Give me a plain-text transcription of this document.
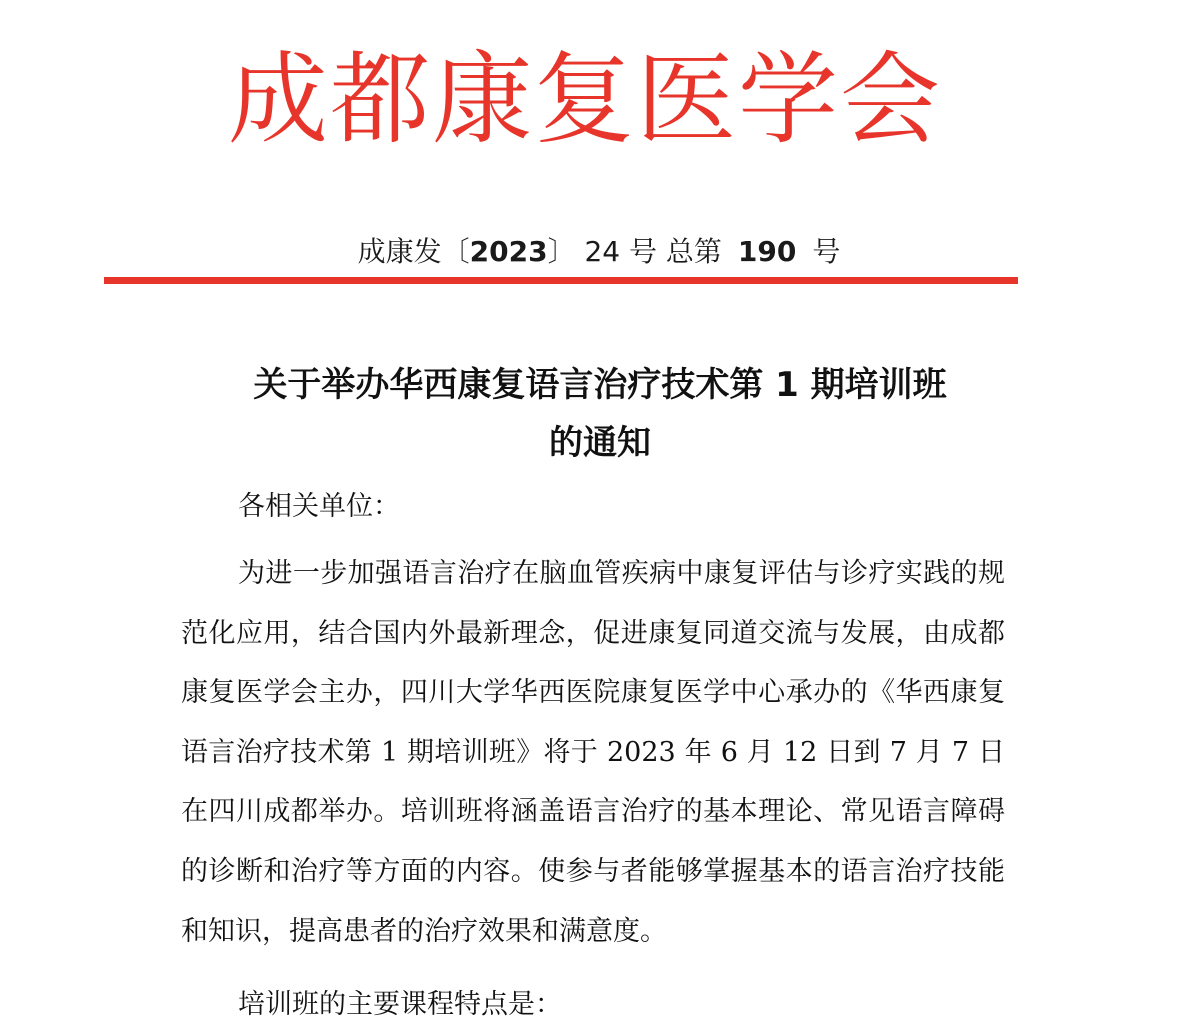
成都康复医学会
成康发〔2023〕 24 号 总第 190 号
关于举办华西康复语言治疗技术第 1 期培训班
的通知
各相关单位：

为进一步加强语言治疗在脑血管疾病中康复评估与诊疗实践的规范化应用，结合国内外最新理念，促进康复同道交流与发展，由成都康复医学会主办，四川大学华西医院康复医学中心承办的《华西康复语言治疗技术第 1 期培训班》将于 2023 年 6 月 12 日到 7 月 7 日在四川成都举办。培训班将涵盖语言治疗的基本理论、常见语言障碍的诊断和治疗等方面的内容。使参与者能够掌握基本的语言治疗技能和知识，提高患者的治疗效果和满意度。

培训班的主要课程特点是：
